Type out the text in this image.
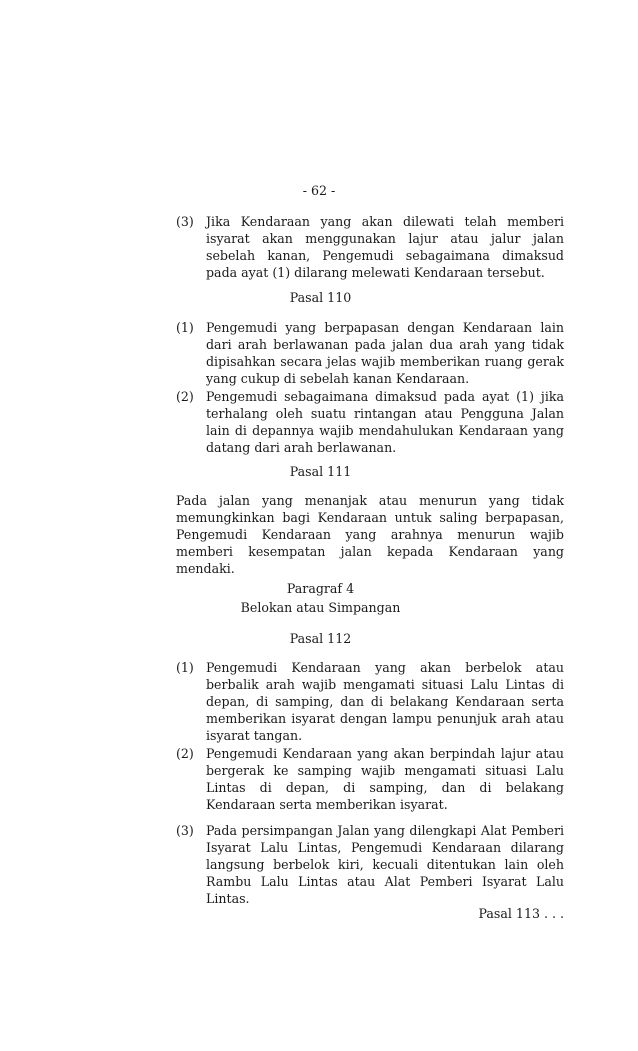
- 62 -
(3) Jika Kendaraan yang akan dilewati telah memberi isyarat akan menggunakan lajur atau jalur jalan sebelah kanan, Pengemudi sebagaimana dimaksud pada ayat (1) dilarang melewati Kendaraan tersebut.
Pasal 110
(1) Pengemudi yang berpapasan dengan Kendaraan lain dari arah berlawanan pada jalan dua arah yang tidak dipisahkan secara jelas wajib memberikan ruang gerak yang cukup di sebelah kanan Kendaraan.
(2) Pengemudi sebagaimana dimaksud pada ayat (1) jika terhalang oleh suatu rintangan atau Pengguna Jalan lain di depannya wajib mendahulukan Kendaraan yang datang dari arah berlawanan.
Pasal 111
Pada jalan yang menanjak atau menurun yang tidak memungkinkan bagi Kendaraan untuk saling berpapasan, Pengemudi Kendaraan yang arahnya menurun wajib memberi kesempatan jalan kepada Kendaraan yang mendaki.
Paragraf 4
Belokan atau Simpangan
Pasal 112
(1) Pengemudi Kendaraan yang akan berbelok atau berbalik arah wajib mengamati situasi Lalu Lintas di depan, di samping, dan di belakang Kendaraan serta memberikan isyarat dengan lampu penunjuk arah atau isyarat tangan.
(2) Pengemudi Kendaraan yang akan berpindah lajur atau bergerak ke samping wajib mengamati situasi Lalu Lintas di depan, di samping, dan di belakang Kendaraan serta memberikan isyarat.
(3) Pada persimpangan Jalan yang dilengkapi Alat Pemberi Isyarat Lalu Lintas, Pengemudi Kendaraan dilarang langsung berbelok kiri, kecuali ditentukan lain oleh Rambu Lalu Lintas atau Alat Pemberi Isyarat Lalu Lintas.
Pasal 113 . . .
